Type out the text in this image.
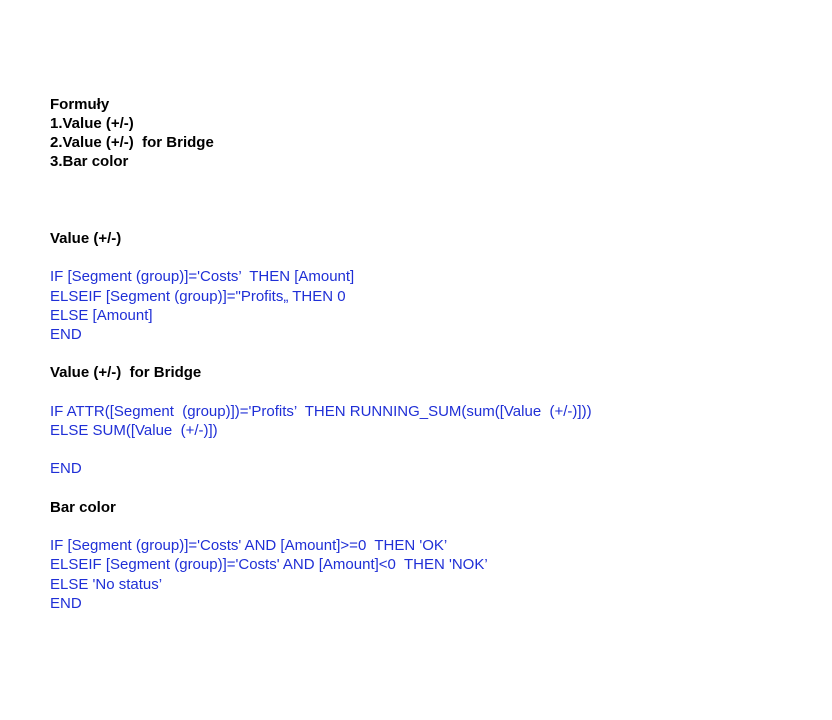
Formuły
1.Value (+/-)
2.Value (+/-)  for Bridge
3.Bar color
Value (+/-)
IF [Segment (group)]='Costs’  THEN [Amount]
ELSEIF [Segment (group)]="Profits„ THEN 0
ELSE [Amount]
END
Value (+/-)  for Bridge
IF ATTR([Segment  (group)])='Profits’  THEN RUNNING_SUM(sum([Value  (+/-)]))
ELSE SUM([Value  (+/-)])
END
Bar color
IF [Segment (group)]='Costs' AND [Amount]>=0  THEN 'OK’
ELSEIF [Segment (group)]='Costs' AND [Amount]<0  THEN 'NOK’
ELSE 'No status’
END
